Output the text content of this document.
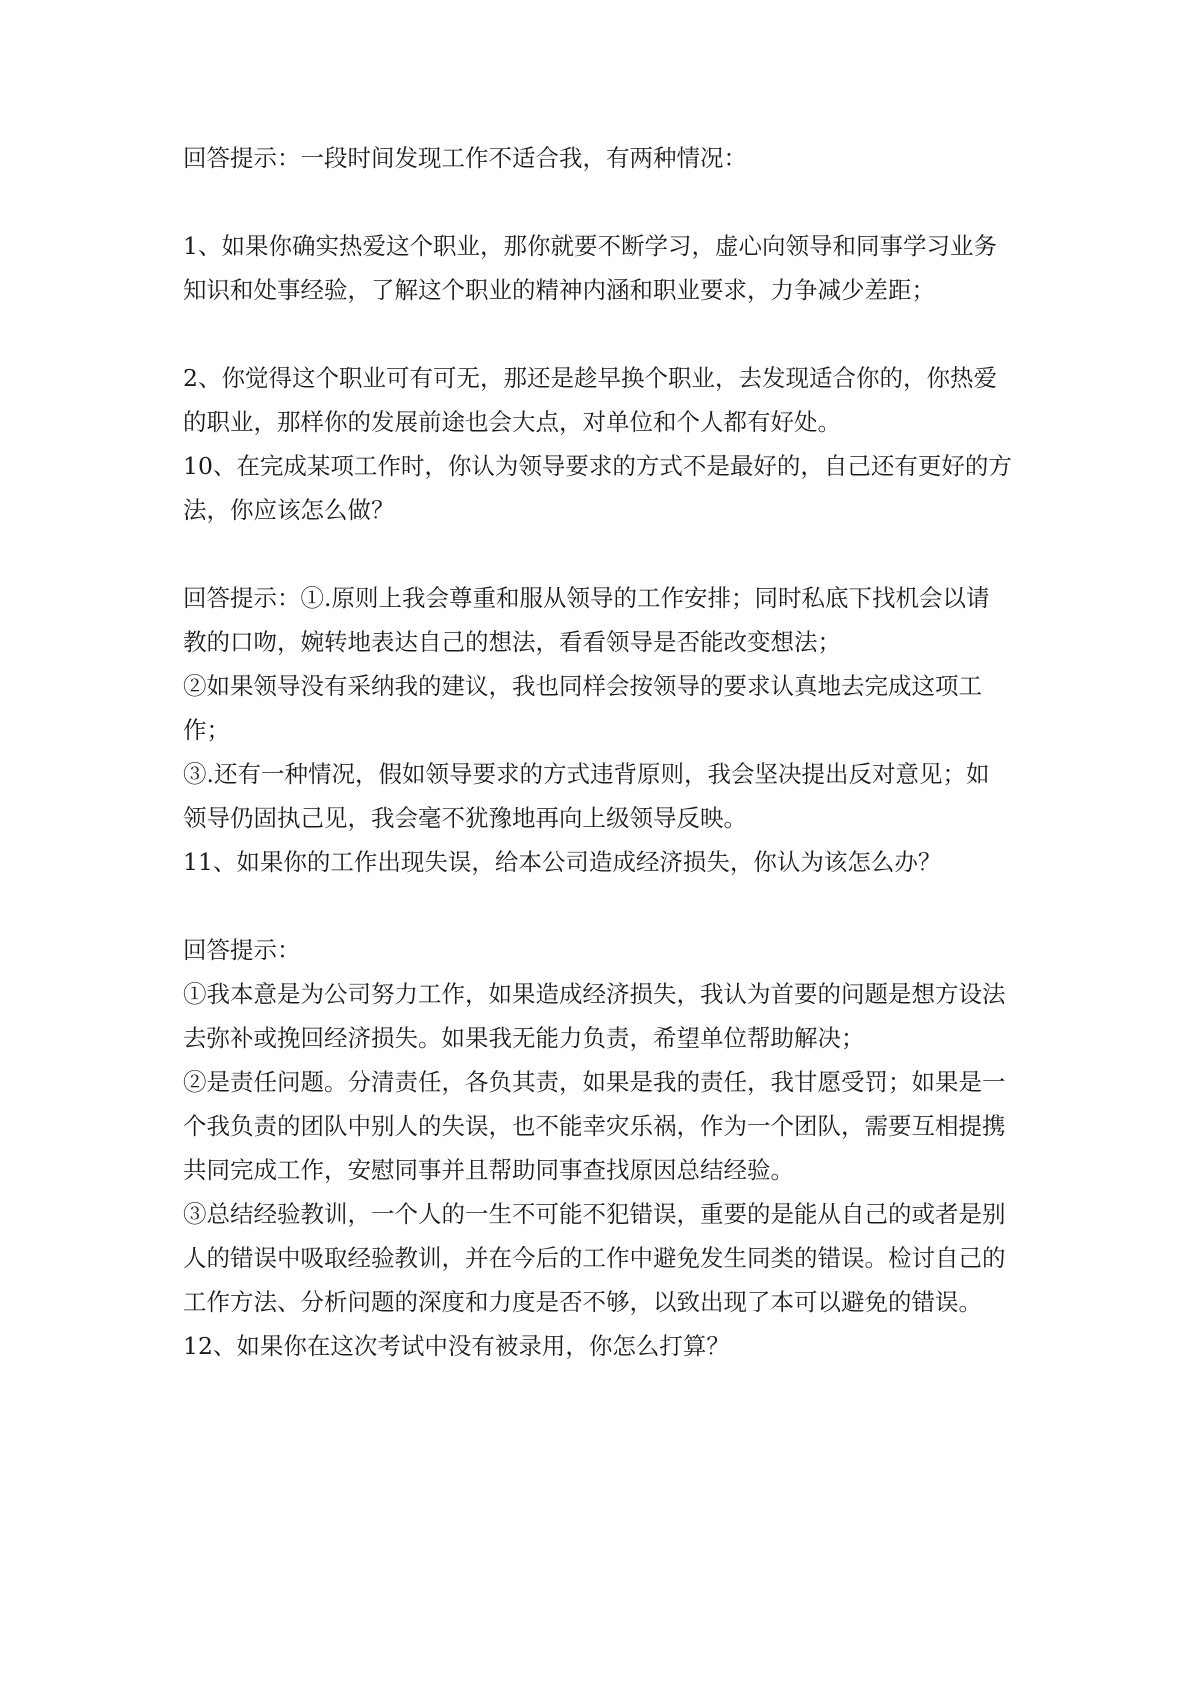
回答提示：一段时间发现工作不适合我，有两种情况：

1、如果你确实热爱这个职业，那你就要不断学习，虚心向领导和同事学习业务

知识和处事经验，了解这个职业的精神内涵和职业要求，力争减少差距；

2、你觉得这个职业可有可无，那还是趁早换个职业，去发现适合你的，你热爱

的职业，那样你的发展前途也会大点，对单位和个人都有好处。

10、在完成某项工作时，你认为领导要求的方式不是最好的，自己还有更好的方

法，你应该怎么做？

回答提示：①.原则上我会尊重和服从领导的工作安排；同时私底下找机会以请

教的口吻，婉转地表达自己的想法，看看领导是否能改变想法；

②如果领导没有采纳我的建议，我也同样会按领导的要求认真地去完成这项工

作；

③.还有一种情况，假如领导要求的方式违背原则，我会坚决提出反对意见；如

领导仍固执己见，我会毫不犹豫地再向上级领导反映。

11、如果你的工作出现失误，给本公司造成经济损失，你认为该怎么办？

回答提示：

①我本意是为公司努力工作，如果造成经济损失，我认为首要的问题是想方设法

去弥补或挽回经济损失。如果我无能力负责，希望单位帮助解决；

②是责任问题。分清责任，各负其责，如果是我的责任，我甘愿受罚；如果是一

个我负责的团队中别人的失误，也不能幸灾乐祸，作为一个团队，需要互相提携

共同完成工作，安慰同事并且帮助同事查找原因总结经验。

③总结经验教训，一个人的一生不可能不犯错误，重要的是能从自己的或者是别

人的错误中吸取经验教训，并在今后的工作中避免发生同类的错误。检讨自己的

工作方法、分析问题的深度和力度是否不够，以致出现了本可以避免的错误。

12、如果你在这次考试中没有被录用，你怎么打算？
